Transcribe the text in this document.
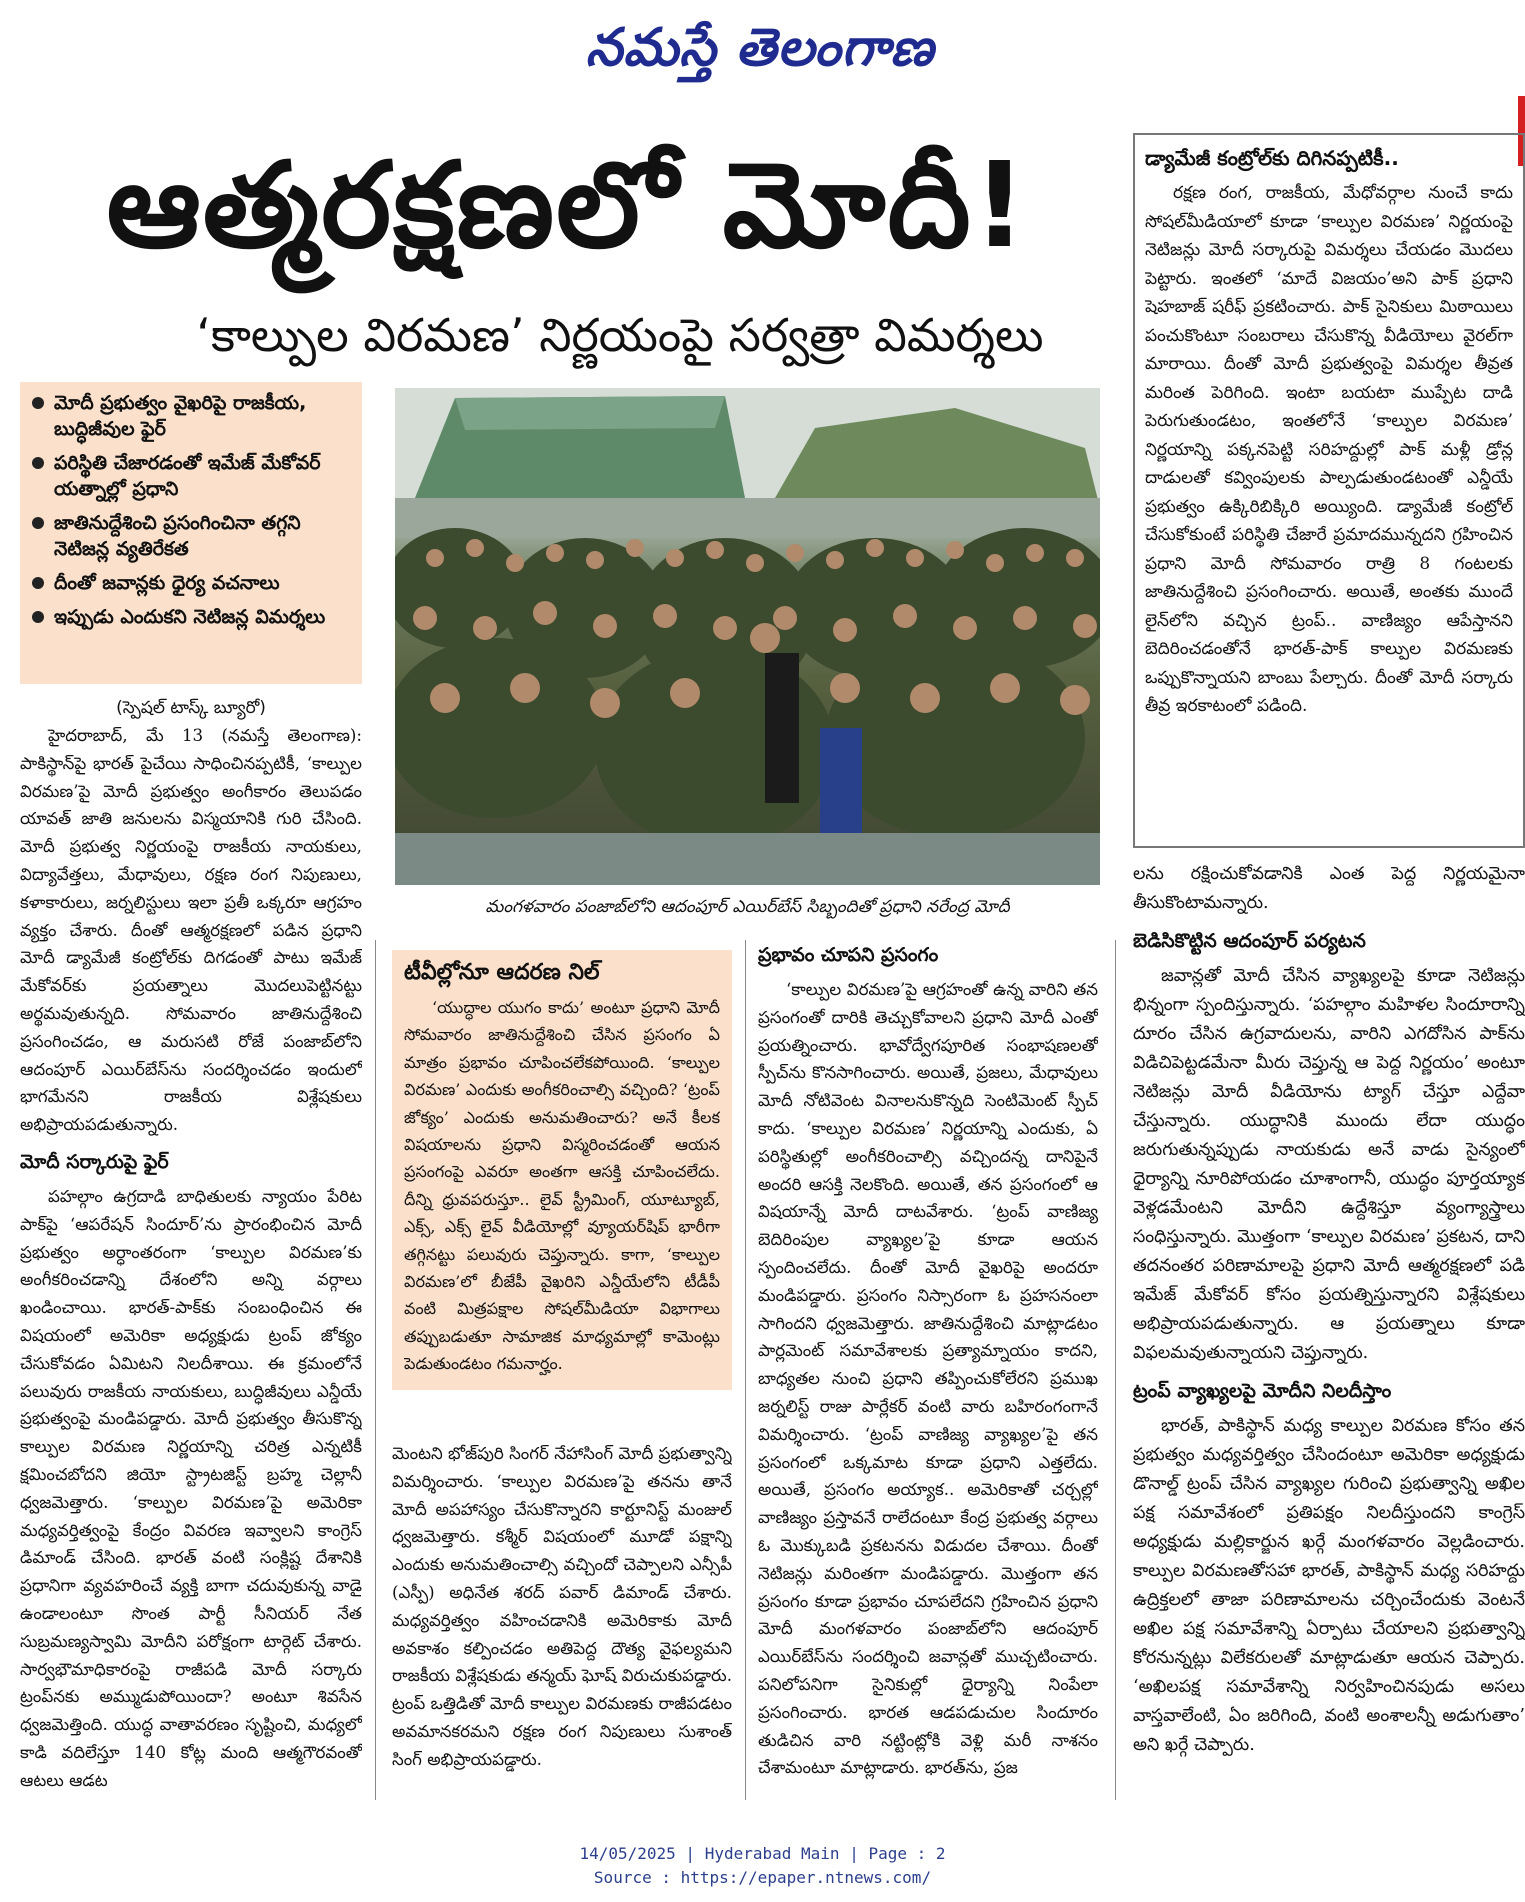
నమస్తే తెలంగాణ
ఆత్మరక్షణలో మోదీ!
‘కాల్పుల విరమణ’ నిర్ణయంపై సర్వత్రా విమర్శలు
మోదీ ప్రభుత్వం వైఖరిపై రాజకీయ, బుద్ధిజీవుల ఫైర్
పరిస్థితి చేజారడంతో ఇమేజ్ మేకోవర్ యత్నాల్లో ప్రధాని
జాతినుద్దేశించి ప్రసంగించినా తగ్గని నెటిజన్ల వ్యతిరేకత
దీంతో జవాన్లకు ధైర్య వచనాలు
ఇప్పుడు ఎందుకని నెటిజన్ల విమర్శలు
మంగళవారం పంజాబ్‌లోని ఆదంపూర్ ఎయిర్‌బేస్ సిబ్బందితో ప్రధాని నరేంద్ర మోదీ
(స్పెషల్ టాస్క్ బ్యూరో)

హైదరాబాద్, మే 13 (నమస్తే తెలంగాణ): పాకిస్థాన్‌పై భారత్ పైచేయి సాధించినప్పటికీ, ‘కాల్పుల విరమణ’పై మోదీ ప్రభుత్వం అంగీకారం తెలుపడం యావత్ జాతి జనులను విస్మయానికి గురి చేసింది. మోదీ ప్రభుత్వ నిర్ణయంపై రాజకీయ నాయకులు, విద్యావేత్తలు, మేధావులు, రక్షణ రంగ నిపుణులు, కళాకారులు, జర్నలిస్టులు ఇలా ప్రతీ ఒక్కరూ ఆగ్రహం వ్యక్తం చేశారు. దీంతో ఆత్మరక్షణలో పడిన ప్రధాని మోదీ డ్యామేజీ కంట్రోల్‌కు దిగడంతో పాటు ఇమేజ్ మేకోవర్‌కు ప్రయత్నాలు మొదలుపెట్టినట్టు అర్థమవుతున్నది. సోమవారం జాతినుద్దేశించి ప్రసంగించడం, ఆ మరుసటి రోజే పంజాబ్‌లోని ఆదంపూర్ ఎయిర్‌బేస్‌ను సందర్శించడం ఇందులో భాగమేనని రాజకీయ విశ్లేషకులు అభిప్రాయపడుతున్నారు.

మోదీ సర్కారుపై ఫైర్

పహల్గాం ఉగ్రదాడి బాధితులకు న్యాయం పేరిట పాక్‌పై ‘ఆపరేషన్ సిందూర్’ను ప్రారంభించిన మోదీ ప్రభుత్వం అర్ధాంతరంగా ‘కాల్పుల విరమణ’కు అంగీకరించడాన్ని దేశంలోని అన్ని వర్గాలు ఖండించాయి. భారత్-పాక్‌కు సంబంధించిన ఈ విషయంలో అమెరికా అధ్యక్షుడు ట్రంప్ జోక్యం చేసుకోవడం ఏమిటని నిలదీశాయి. ఈ క్రమంలోనే పలువురు రాజకీయ నాయకులు, బుద్ధిజీవులు ఎన్డీయే ప్రభుత్వంపై మండిపడ్డారు. మోదీ ప్రభుత్వం తీసుకొన్న కాల్పుల విరమణ నిర్ణయాన్ని చరిత్ర ఎన్నటికీ క్షమించబోదని జియో స్ట్రాటజిస్ట్ బ్రహ్మ చెల్లానీ ధ్వజమెత్తారు. ‘కాల్పుల విరమణ’పై అమెరికా మధ్యవర్తిత్వంపై కేంద్రం వివరణ ఇవ్వాలని కాంగ్రెస్ డిమాండ్ చేసింది. భారత్ వంటి సంక్లిష్ట దేశానికి ప్రధానిగా వ్యవహరించే వ్యక్తి బాగా చదువుకున్న వాడై ఉండాలంటూ సొంత పార్టీ సీనియర్ నేత సుబ్రమణ్యస్వామి మోదీని పరోక్షంగా టార్గెట్ చేశారు. సార్వభౌమాధికారంపై రాజీపడి మోదీ సర్కారు ట్రంప్‌నకు అమ్ముడుపోయిందా? అంటూ శివసేన ధ్వజమెత్తింది. యుద్ధ వాతావరణం సృష్టించి, మధ్యలో కాడి వదిలేస్తూ 140 కోట్ల మంది ఆత్మగౌరవంతో ఆటలు ఆడట

టీవీల్లోనూ ఆదరణ నిల్

‘యుద్ధాల యుగం కాదు’ అంటూ ప్రధాని మోదీ సోమవారం జాతినుద్దేశించి చేసిన ప్రసంగం ఏ మాత్రం ప్రభావం చూపించలేకపోయింది. ‘కాల్పుల విరమణ’ ఎందుకు అంగీకరించాల్సి వచ్చింది? ‘ట్రంప్ జోక్యం’ ఎందుకు అనుమతించారు? అనే కీలక విషయాలను ప్రధాని విస్మరించడంతో ఆయన ప్రసంగంపై ఎవరూ అంతగా ఆసక్తి చూపించలేదు. దీన్ని ధ్రువపరుస్తూ.. లైవ్ స్ట్రీమింగ్, యూట్యూబ్, ఎక్స్‌, ఎక్స్ లైవ్ వీడియోల్లో వ్యూయర్‌షిప్ భారీగా తగ్గినట్టు పలువురు చెప్తున్నారు. కాగా, ‘కాల్పుల విరమణ’లో బీజేపీ వైఖరిని ఎన్డీయేలోని టీడీపీ వంటి మిత్రపక్షాల సోషల్‌మీడియా విభాగాలు తప్పుబడుతూ సామాజిక మాధ్యమాల్లో కామెంట్లు పెడుతుండటం గమనార్హం.

మెంటని భోజ్‌పురి సింగర్ నేహాసింగ్ మోదీ ప్రభుత్వాన్ని విమర్శించారు. ‘కాల్పుల విరమణ’పై తనను తానే మోదీ అపహాస్యం చేసుకొన్నారని కార్టూనిస్ట్ మంజుల్ ధ్వజమెత్తారు. కశ్మీర్ విషయంలో మూడో పక్షాన్ని ఎందుకు అనుమతించాల్సి వచ్చిందో చెప్పాలని ఎన్సీపీ (ఎస్పీ) అధినేత శరద్ పవార్ డిమాండ్ చేశారు. మధ్యవర్తిత్వం వహించడానికి అమెరికాకు మోదీ అవకాశం కల్పించడం అతిపెద్ద దౌత్య వైఫల్యమని రాజకీయ విశ్లేషకుడు తన్మయ్ ఘోష్ విరుచుకుపడ్డారు. ట్రంప్ ఒత్తిడితో మోదీ కాల్పుల విరమణకు రాజీపడటం అవమానకరమని రక్షణ రంగ నిపుణులు సుశాంత్ సింగ్ అభిప్రాయపడ్డారు.

ప్రభావం చూపని ప్రసంగం

‘కాల్పుల విరమణ’పై ఆగ్రహంతో ఉన్న వారిని తన ప్రసంగంతో దారికి తెచ్చుకోవాలని ప్రధాని మోదీ ఎంతో ప్రయత్నించారు. భావోద్వేగపూరిత సంభాషణలతో స్పీచ్‌ను కొనసాగించారు. అయితే, ప్రజలు, మేధావులు మోదీ నోటివెంట వినాలనుకొన్నది సెంటిమెంట్ స్పీచ్ కాదు. ‘కాల్పుల విరమణ’ నిర్ణయాన్ని ఎందుకు, ఏ పరిస్థితుల్లో అంగీకరించాల్సి వచ్చిందన్న దానిపైనే అందరి ఆసక్తి నెలకొంది. అయితే, తన ప్రసంగంలో ఆ విషయాన్నే మోదీ దాటవేశారు. ‘ట్రంప్ వాణిజ్య బెదిరింపుల వ్యాఖ్యల’పై కూడా ఆయన స్పందించలేదు. దీంతో మోదీ వైఖరిపై అందరూ మండిపడ్డారు. ప్రసంగం నిస్సారంగా ఓ ప్రహసనంలా సాగిందని ధ్వజమెత్తారు. జాతినుద్దేశించి మాట్లాడటం పార్లమెంట్ సమావేశాలకు ప్రత్యామ్నాయం కాదని, బాధ్యతల నుంచి ప్రధాని తప్పించుకోలేరని ప్రముఖ జర్నలిస్ట్ రాజు పార్లేకర్ వంటి వారు బహిరంగంగానే విమర్శించారు. ‘ట్రంప్ వాణిజ్య వ్యాఖ్యల’పై తన ప్రసంగంలో ఒక్కమాట కూడా ప్రధాని ఎత్తలేదు. అయితే, ప్రసంగం అయ్యాక.. అమెరికాతో చర్చల్లో వాణిజ్యం ప్రస్తావనే రాలేదంటూ కేంద్ర ప్రభుత్వ వర్గాలు ఓ మొక్కుబడి ప్రకటనను విడుదల చేశాయి. దీంతో నెటిజన్లు మరింతగా మండిపడ్డారు. మొత్తంగా తన ప్రసంగం కూడా ప్రభావం చూపలేదని గ్రహించిన ప్రధాని మోదీ మంగళవారం పంజాబ్‌లోని ఆదంపూర్ ఎయిర్‌బేస్‌ను సందర్శించి జవాన్లతో ముచ్చటించారు. పనిలోపనిగా సైనికుల్లో ధైర్యాన్ని నింపేలా ప్రసంగించారు. భారత ఆడపడుచుల సిందూరం తుడిచిన వారి నట్టింట్లోకి వెళ్లి మరీ నాశనం చేశామంటూ మాట్లాడారు. భారత్‌ను, ప్రజ

డ్యామేజీ కంట్రోల్‌కు దిగినప్పటికీ..

రక్షణ రంగ, రాజకీయ, మేధోవర్గాల నుంచే కాదు సోషల్‌మీడియాలో కూడా ‘కాల్పుల విరమణ’ నిర్ణయంపై నెటిజన్లు మోదీ సర్కారుపై విమర్శలు చేయడం మొదలు పెట్టారు. ఇంతలో ‘మాదే విజయం’అని పాక్ ప్రధాని షెహబాజ్ షరీఫ్ ప్రకటించారు. పాక్ సైనికులు మిఠాయిలు పంచుకొంటూ సంబరాలు చేసుకొన్న వీడియోలు వైరల్‌గా మారాయి. దీంతో మోదీ ప్రభుత్వంపై విమర్శల తీవ్రత మరింత పెరిగింది. ఇంటా బయటా ముప్పేట దాడి పెరుగుతుండటం, ఇంతలోనే ‘కాల్పుల విరమణ’ నిర్ణయాన్ని పక్కనపెట్టి సరిహద్దుల్లో పాక్ మళ్లీ డ్రోన్ల దాడులతో కవ్వింపులకు పాల్పడుతుండటంతో ఎన్డీయే ప్రభుత్వం ఉక్కిరిబిక్కిరి అయ్యింది. డ్యామేజీ కంట్రోల్ చేసుకోకుంటే పరిస్థితి చేజారే ప్రమాదమున్నదని గ్రహించిన ప్రధాని మోదీ సోమవారం రాత్రి 8 గంటలకు జాతినుద్దేశించి ప్రసంగించారు. అయితే, అంతకు ముందే లైన్‌లోని వచ్చిన ట్రంప్.. వాణిజ్యం ఆపేస్తానని బెదిరించడంతోనే భారత్-పాక్ కాల్పుల విరమణకు ఒప్పుకొన్నాయని బాంబు పేల్చారు. దీంతో మోదీ సర్కారు తీవ్ర ఇరకాటంలో పడింది.

లను రక్షించుకోవడానికి ఎంత పెద్ద నిర్ణయమైనా తీసుకొంటామన్నారు.

బెడిసికొట్టిన ఆదంపూర్ పర్యటన

జవాన్లతో మోదీ చేసిన వ్యాఖ్యలపై కూడా నెటిజన్లు భిన్నంగా స్పందిస్తున్నారు. ‘పహల్గాం మహిళల సిందూరాన్ని దూరం చేసిన ఉగ్రవాదులను, వారిని ఎగదోసిన పాక్‌ను విడిచిపెట్టడమేనా మీరు చెప్తున్న ఆ పెద్ద నిర్ణయం’ అంటూ నెటిజన్లు మోదీ వీడియోను ట్యాగ్ చేస్తూ ఎద్దేవా చేస్తున్నారు. యుద్ధానికి ముందు లేదా యుద్ధం జరుగుతున్నప్పుడు నాయకుడు అనే వాడు సైన్యంలో ధైర్యాన్ని నూరిపోయడం చూశాంగానీ, యుద్ధం పూర్తయ్యాక వెళ్లడమేంటని మోదీని ఉద్దేశిస్తూ వ్యంగ్యాస్త్రాలు సంధిస్తున్నారు. మొత్తంగా ‘కాల్పుల విరమణ’ ప్రకటన, దాని తదనంతర పరిణామాలపై ప్రధాని మోదీ ఆత్మరక్షణలో పడి ఇమేజ్ మేకోవర్ కోసం ప్రయత్నిస్తున్నారని విశ్లేషకులు అభిప్రాయపడుతున్నారు. ఆ ప్రయత్నాలు కూడా విఫలమవుతున్నాయని చెప్తున్నారు.

ట్రంప్ వ్యాఖ్యలపై మోదీని నిలదీస్తాం

భారత్, పాకిస్థాన్ మధ్య కాల్పుల విరమణ కోసం తన ప్రభుత్వం మధ్యవర్తిత్వం చేసిందంటూ అమెరికా అధ్యక్షుడు డొనాల్డ్ ట్రంప్ చేసిన వ్యాఖ్యల గురించి ప్రభుత్వాన్ని అఖిల పక్ష సమావేశంలో ప్రతిపక్షం నిలదీస్తుందని కాంగ్రెస్ అధ్యక్షుడు మల్లికార్జున ఖర్గే మంగళవారం వెల్లడించారు. కాల్పుల విరమణతోసహా భారత్, పాకిస్థాన్ మధ్య సరిహద్దు ఉద్రిక్తలలో తాజా పరిణామాలను చర్చించేందుకు వెంటనే అఖిల పక్ష సమావేశాన్ని ఏర్పాటు చేయాలని ప్రభుత్వాన్ని కోరనున్నట్లు విలేకరులతో మాట్లాడుతూ ఆయన చెప్పారు. ‘అఖిలపక్ష సమావేశాన్ని నిర్వహించినపుడు అసలు వాస్తవాలేంటి, ఏం జరిగింది, వంటి అంశాలన్నీ అడుగుతాం’ అని ఖర్గే చెప్పారు.

14/05/2025 | Hyderabad Main | Page : 2
Source : https://epaper.ntnews.com/
